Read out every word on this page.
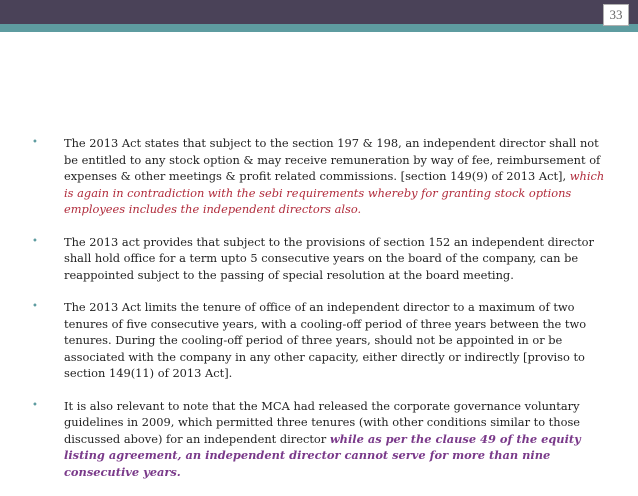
33
• The 2013 Act states that subject to the section 197 & 198, an independent director shall not be entitled to any stock option & may receive remuneration by way of fee, reimbursement of expenses & other meetings & profit related commissions. [section 149(9) of 2013 Act], which is again in contradiction with the sebi requirements whereby for granting stock options employees includes the independent directors also.
• The 2013 act provides that subject to the provisions of section 152 an independent director shall hold office for a term upto 5 consecutive years on the board of the company, can be reappointed subject to the passing of special resolution at the board meeting.
• The 2013 Act limits the tenure of office of an independent director to a maximum of two tenures of five consecutive years, with a cooling-off period of three years between the two tenures. During the cooling-off period of three years, should not be appointed in or be associated with the company in any other capacity, either directly or indirectly [proviso to section 149(11) of 2013 Act].
• It is also relevant to note that the MCA had released the corporate governance voluntary guidelines in 2009, which permitted three tenures (with other conditions similar to those discussed above) for an independent director while as per the clause 49 of the equity listing agreement, an independent director cannot serve for more than nine consecutive years.
